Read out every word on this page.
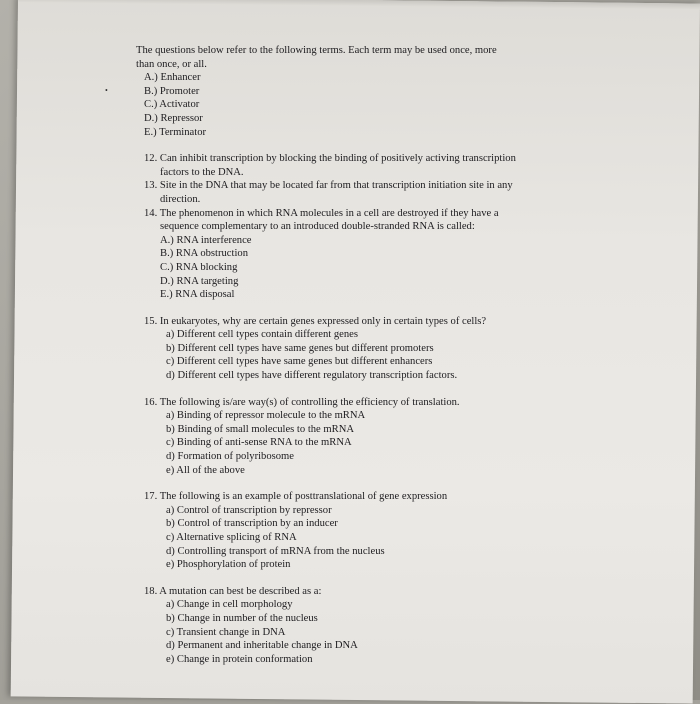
•
The questions below refer to the following terms. Each term may be used once, more
than once, or all.
A.) Enhancer
B.) Promoter
C.) Activator
D.) Repressor
E.) Terminator
12. Can inhibit transcription by blocking the binding of positively activing transcription
factors to the DNA.
13. Site in the DNA that may be located far from that transcription initiation site in any
direction.
14. The phenomenon in which RNA molecules in a cell are destroyed if they have a
sequence complementary to an introduced double-stranded RNA is called:
A.) RNA interference
B.) RNA obstruction
C.) RNA blocking
D.) RNA targeting
E.) RNA disposal
15. In eukaryotes, why are certain genes expressed only in certain types of cells?
a) Different cell types contain different genes
b) Different cell types have same genes but different promoters
c) Different cell types have same genes but different enhancers
d) Different cell types have different regulatory transcription factors.
16. The following is/are way(s) of controlling the efficiency of translation.
a) Binding of repressor molecule to the mRNA
b) Binding of small molecules to the mRNA
c) Binding of anti-sense RNA to the mRNA
d) Formation of polyribosome
e) All of the above
17. The following is an example of posttranslational of gene expression
a) Control of transcription by repressor
b) Control of transcription by an inducer
c) Alternative splicing of RNA
d) Controlling transport of mRNA from the nucleus
e) Phosphorylation of protein
18. A mutation can best be described as a:
a) Change in cell morphology
b) Change in number of the nucleus
c) Transient change in DNA
d) Permanent and inheritable change in DNA
e) Change in protein conformation
